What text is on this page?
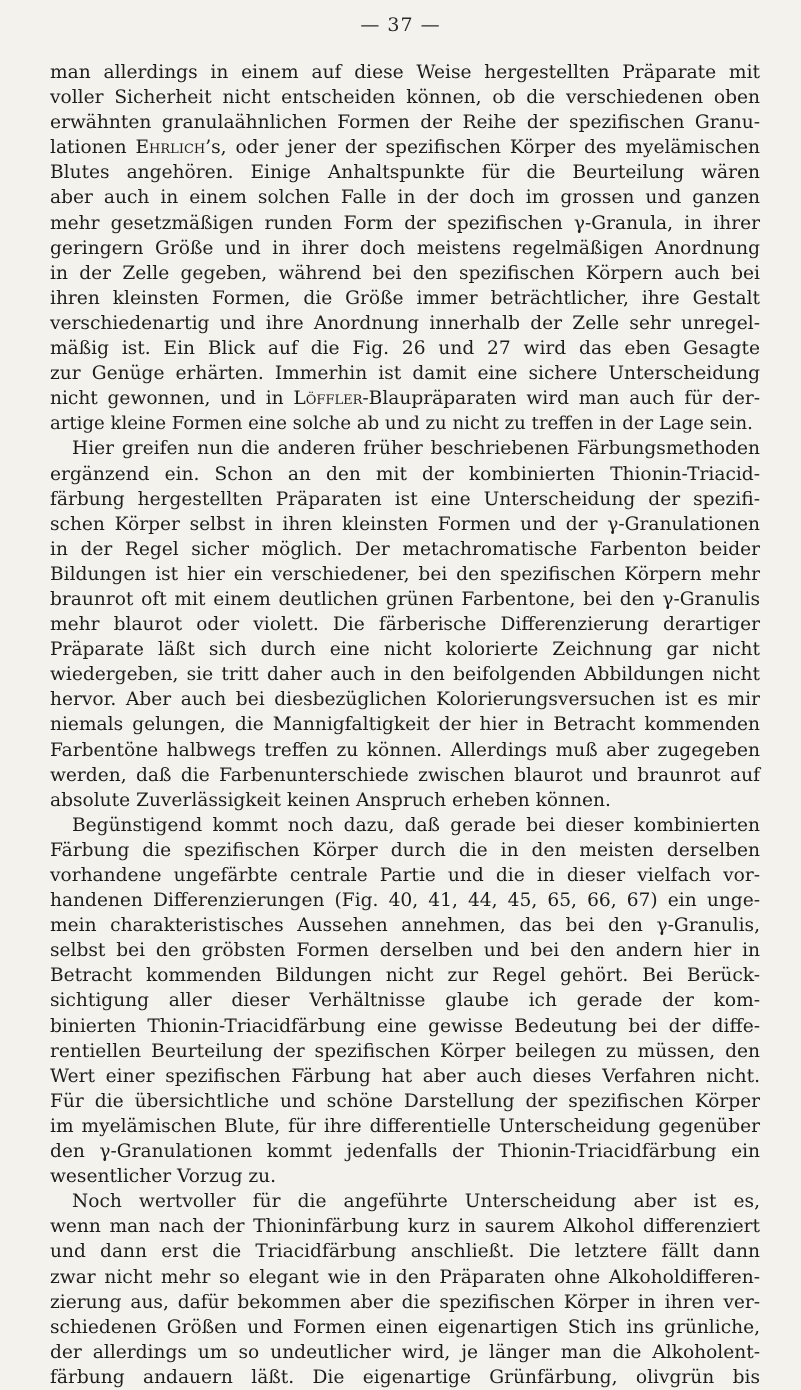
— 37 —
man allerdings in einem auf diese Weise hergestellten Präparate mit
voller Sicherheit nicht entscheiden können, ob die verschiedenen oben
erwähnten granulaähnlichen Formen der Reihe der spezifischen Granu-
lationen Ehrlich’s, oder jener der spezifischen Körper des myelämischen
Blutes angehören. Einige Anhaltspunkte für die Beurteilung wären
aber auch in einem solchen Falle in der doch im grossen und ganzen
mehr gesetzmäßigen runden Form der spezifischen γ-Granula, in ihrer
geringern Größe und in ihrer doch meistens regelmäßigen Anordnung
in der Zelle gegeben, während bei den spezifischen Körpern auch bei
ihren kleinsten Formen, die Größe immer beträchtlicher, ihre Gestalt
verschiedenartig und ihre Anordnung innerhalb der Zelle sehr unregel-
mäßig ist. Ein Blick auf die Fig. 26 und 27 wird das eben Gesagte
zur Genüge erhärten. Immerhin ist damit eine sichere Unterscheidung
nicht gewonnen, und in Löffler-Blaupräparaten wird man auch für der-
artige kleine Formen eine solche ab und zu nicht zu treffen in der Lage sein.
Hier greifen nun die anderen früher beschriebenen Färbungsmethoden
ergänzend ein. Schon an den mit der kombinierten Thionin-Triacid-
färbung hergestellten Präparaten ist eine Unterscheidung der spezifi-
schen Körper selbst in ihren kleinsten Formen und der γ-Granulationen
in der Regel sicher möglich. Der metachromatische Farbenton beider
Bildungen ist hier ein verschiedener, bei den spezifischen Körpern mehr
braunrot oft mit einem deutlichen grünen Farbentone, bei den γ-Granulis
mehr blaurot oder violett. Die färberische Differenzierung derartiger
Präparate läßt sich durch eine nicht kolorierte Zeichnung gar nicht
wiedergeben, sie tritt daher auch in den beifolgenden Abbildungen nicht
hervor. Aber auch bei diesbezüglichen Kolorierungsversuchen ist es mir
niemals gelungen, die Mannigfaltigkeit der hier in Betracht kommenden
Farbentöne halbwegs treffen zu können. Allerdings muß aber zugegeben
werden, daß die Farbenunterschiede zwischen blaurot und braunrot auf
absolute Zuverlässigkeit keinen Anspruch erheben können.
Begünstigend kommt noch dazu, daß gerade bei dieser kombinierten
Färbung die spezifischen Körper durch die in den meisten derselben
vorhandene ungefärbte centrale Partie und die in dieser vielfach vor-
handenen Differenzierungen (Fig. 40, 41, 44, 45, 65, 66, 67) ein unge-
mein charakteristisches Aussehen annehmen, das bei den γ-Granulis,
selbst bei den gröbsten Formen derselben und bei den andern hier in
Betracht kommenden Bildungen nicht zur Regel gehört. Bei Berück-
sichtigung aller dieser Verhältnisse glaube ich gerade der kom-
binierten Thionin-Triacidfärbung eine gewisse Bedeutung bei der diffe-
rentiellen Beurteilung der spezifischen Körper beilegen zu müssen, den
Wert einer spezifischen Färbung hat aber auch dieses Verfahren nicht.
Für die übersichtliche und schöne Darstellung der spezifischen Körper
im myelämischen Blute, für ihre differentielle Unterscheidung gegenüber
den γ-Granulationen kommt jedenfalls der Thionin-Triacidfärbung ein
wesentlicher Vorzug zu.
Noch wertvoller für die angeführte Unterscheidung aber ist es,
wenn man nach der Thioninfärbung kurz in saurem Alkohol differenziert
und dann erst die Triacidfärbung anschließt. Die letztere fällt dann
zwar nicht mehr so elegant wie in den Präparaten ohne Alkoholdifferen-
zierung aus, dafür bekommen aber die spezifischen Körper in ihren ver-
schiedenen Größen und Formen einen eigenartigen Stich ins grünliche,
der allerdings um so undeutlicher wird, je länger man die Alkoholent-
färbung andauern läßt. Die eigenartige Grünfärbung, olivgrün bis
